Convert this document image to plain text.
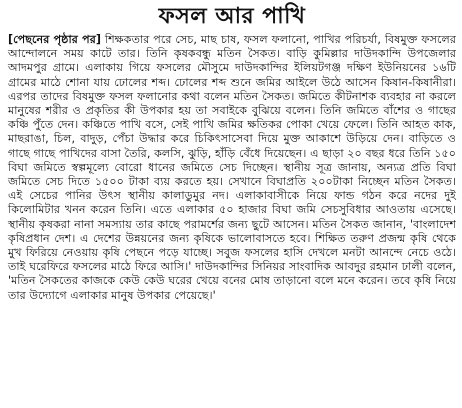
ফসল আর পাখি

[পেছনের পৃষ্ঠার পর] শিক্ষকতার পরে সেচ, মাছ চাষ, ফসল ফলানো, পাখির পরিচর্যা, বিষমুক্ত ফসলের আন্দোলনে সময় কাটে তার। তিনি কৃষকবন্ধু মতিন সৈকত। বাড়ি কুমিল্লার দাউদকান্দি উপজেলার আদমপুর গ্রামে। এলাকায় গিয়ে ফসলের মৌসুমে দাউদকান্দির ইলিয়টগঞ্জ দক্ষিণ ইউনিয়নের ১৬টি গ্রামের মাঠে শোনা যায় ঢোলের শব্দ। ঢোলের শব্দ শুনে জমির আইলে উঠে আসেন কিষান-কিষানীরা। এরপর তাদের বিষমুক্ত ফসল ফলানোর কথা বলেন মতিন সৈকত। জমিতে কীটনাশক ব্যবহার না করলে মানুষের শরীর ও প্রকৃতির কী উপকার হয় তা সবাইকে বুঝিয়ে বলেন। তিনি জমিতে বাঁশের ও গাছের কঞ্চি পুঁতে দেন। কঞ্চিতে পাখি বসে, সেই পাখি জমির ক্ষতিকর পোকা খেয়ে ফেলে। তিনি আহত কাক, মাছরাঙা, চিল, বাদুড়, পেঁচা উদ্ধার করে চিকিৎসাসেবা দিয়ে মুক্ত আকাশে উড়িয়ে দেন। বাড়িতে ও গাছে গাছে পাখিদের বাসা তৈরি, কলসি, ঝুড়ি, হাঁড়ি বেঁধে দিয়েছেন। এ ছাড়া ২০ বছর ধরে তিনি ১৫০ বিঘা জমিতে স্বল্পমূল্যে বোরো ধানের জমিতে সেচ দিচ্ছেন। স্থানীয় সূত্র জানায়, অন্যত্র প্রতি বিঘা জমিতে সেচ দিতে ১৫০০ টাকা ব্যয় করতে হয়। সেখানে বিঘাপ্রতি ২০০টাকা নিচ্ছেন মতিন সৈকত। এই সেচের পানির উৎস স্থানীয় কালাডুমুর নদ। এলাকাবাসীকে নিয়ে ফান্ড গঠন করে নদের দুই কিলোমিটার খনন করেন তিনি। এতে এলাকার ৫০ হাজার বিঘা জমি সেচসুবিধার আওতায় এসেছে। স্থানীয় কৃষকরা নানা সমস্যায় তার কাছে পরামর্শের জন্য ছুটে আসেন। মতিন সৈকত জানান, 'বাংলাদেশ কৃষিপ্রধান দেশ। এ দেশের উন্নয়নের জন্য কৃষিকে ভালোবাসতে হবে। শিক্ষিত তরুণ প্রজন্ম কৃষি থেকে মুখ ফিরিয়ে নেওয়ায় কৃষি পেছনে পড়ে যাচ্ছে। সবুজ ফসলের হাসি দেখলে মনটা আনন্দে নেচে ওঠে। তাই ঘরেফিরে ফসলের মাঠে ফিরে আসি।' দাউদকান্দির সিনিয়র সাংবাদিক আবদুর রহমান ঢালী বলেন, 'মতিন সৈকতের কাজকে কেউ কেউ ঘরের খেয়ে বনের মোষ তাড়ানো বলে মনে করেন। তবে কৃষি নিয়ে তার উদ্যোগে এলাকার মানুষ উপকার পেয়েছে।'
